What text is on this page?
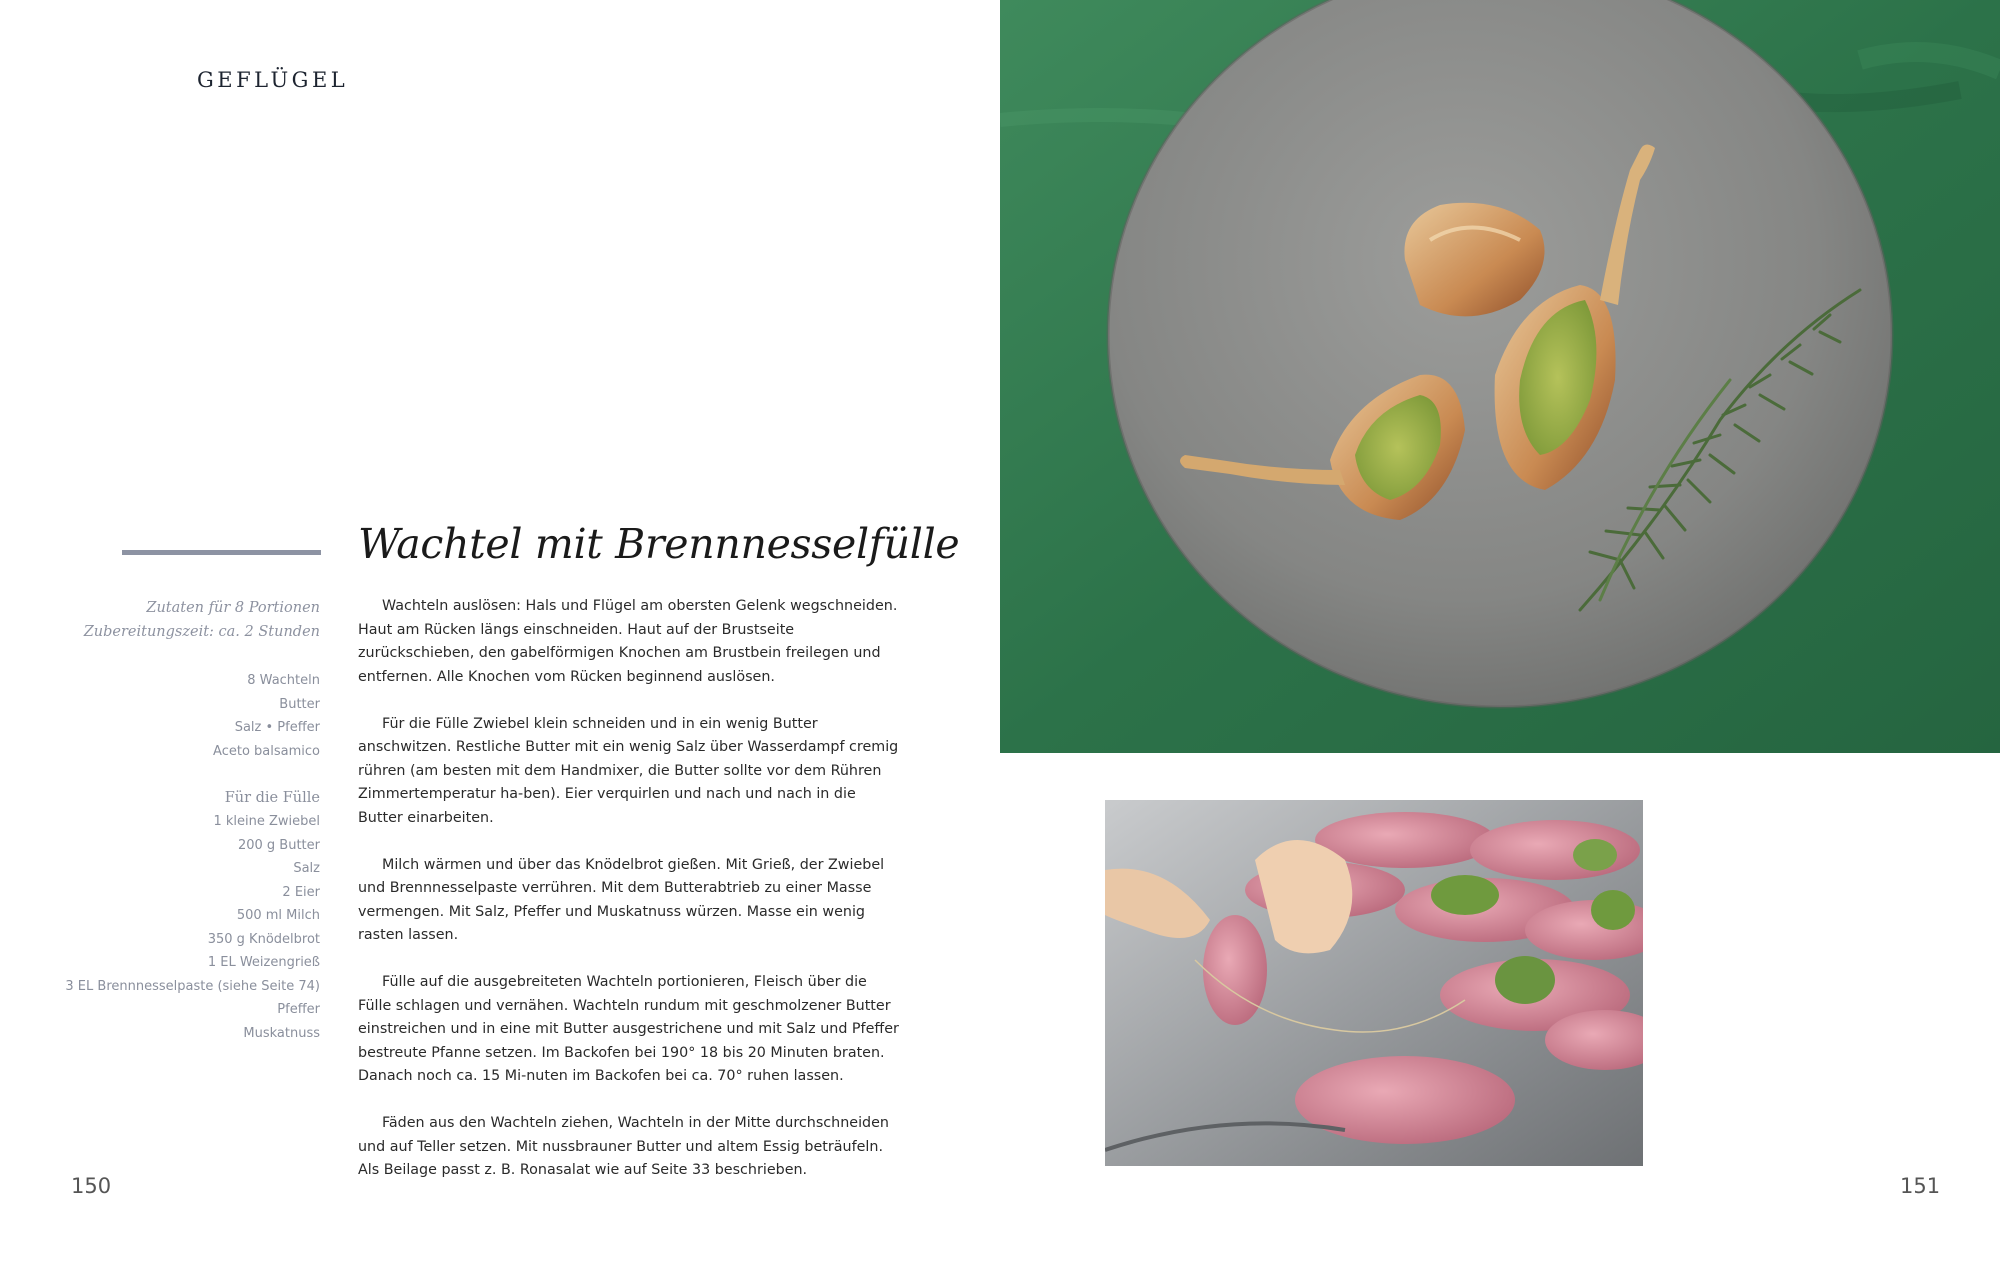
GEFLÜGEL
Wachtel mit Brennnesselfülle
Zutaten für 8 Portionen
Zubereitungszeit: ca. 2 Stunden
8 Wachteln
Butter
Salz • Pfeffer
Aceto balsamico
Für die Fülle
1 kleine Zwiebel
200 g Butter
Salz
2 Eier
500 ml Milch
350 g Knödelbrot
1 EL Weizengrieß
3 EL Brennnesselpaste (siehe Seite 74)
Pfeffer
Muskatnuss

Wachteln auslösen: Hals und Flügel am obersten Gelenk wegschneiden. Haut am Rücken längs einschneiden. Haut auf der Brustseite zurückschieben, den gabelförmigen Knochen am Brustbein freilegen und entfernen. Alle Knochen vom Rücken beginnend auslösen.

Für die Fülle Zwiebel klein schneiden und in ein wenig Butter anschwitzen. Restliche Butter mit ein wenig Salz über Wasserdampf cremig rühren (am besten mit dem Handmixer, die Butter sollte vor dem Rühren Zimmertemperatur ha-ben). Eier verquirlen und nach und nach in die Butter einarbeiten.

Milch wärmen und über das Knödelbrot gießen. Mit Grieß, der Zwiebel und Brennnesselpaste verrühren. Mit dem Butterabtrieb zu einer Masse vermengen. Mit Salz, Pfeffer und Muskatnuss würzen. Masse ein wenig rasten lassen.

Fülle auf die ausgebreiteten Wachteln portionieren, Fleisch über die Fülle schlagen und vernähen. Wachteln rundum mit geschmolzener Butter einstreichen und in eine mit Butter ausgestrichene und mit Salz und Pfeffer bestreute Pfanne setzen. Im Backofen bei 190° 18 bis 20 Minuten braten. Danach noch ca. 15 Mi-nuten im Backofen bei ca. 70° ruhen lassen.

Fäden aus den Wachteln ziehen, Wachteln in der Mitte durchschneiden und auf Teller setzen. Mit nussbrauner Butter und altem Essig beträufeln. Als Beilage passt z. B. Ronasalat wie auf Seite 33 beschrieben.

150	151
